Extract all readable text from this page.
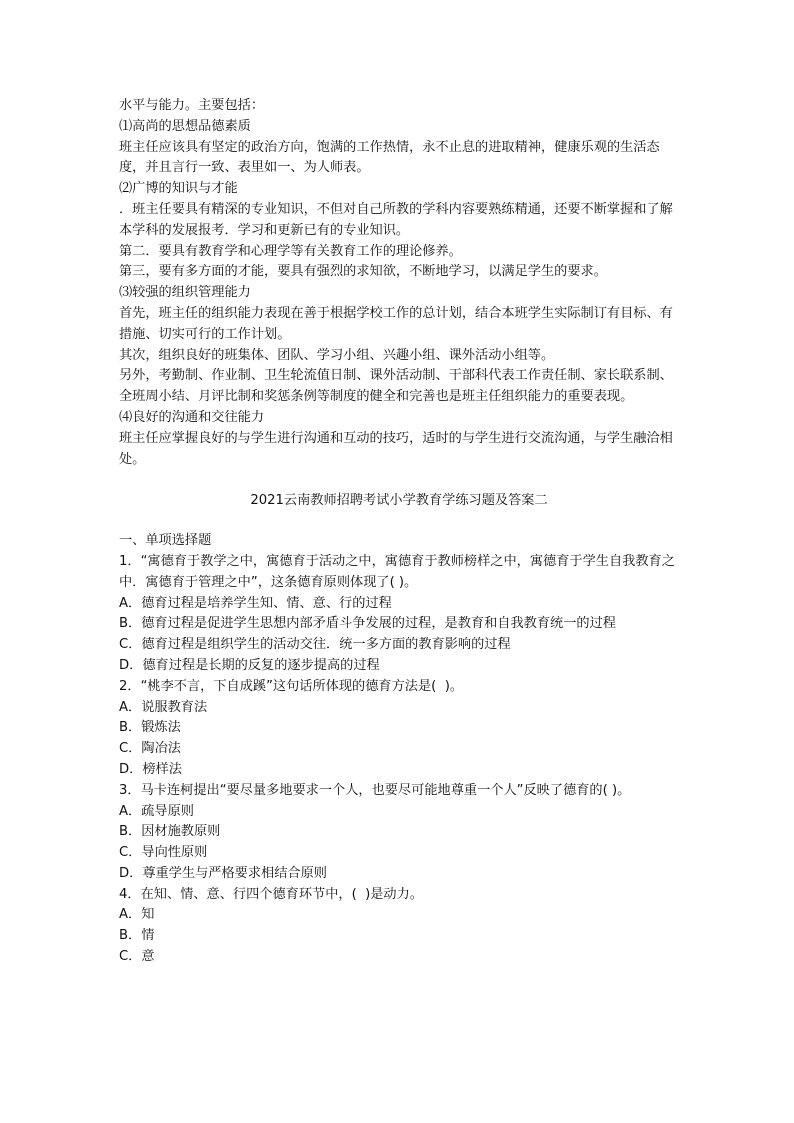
水平与能力。主要包括：
⑴高尚的思想品德素质
班主任应该具有坚定的政治方向，饱满的工作热情，永不止息的进取精神，健康乐观的生活态度，并且言行一致、表里如一、为人师表。
⑵广博的知识与才能
．班主任要具有精深的专业知识，不但对自己所教的学科内容要熟练精通，还要不断掌握和了解本学科的发展报考．学习和更新已有的专业知识。
第二．要具有教育学和心理学等有关教育工作的理论修养。
第三，要有多方面的才能，要具有强烈的求知欲，不断地学习，以满足学生的要求。
⑶较强的组织管理能力
首先，班主任的组织能力表现在善于根据学校工作的总计划，结合本班学生实际制订有目标、有措施、切实可行的工作计划。
其次，组织良好的班集体、团队、学习小组、兴趣小组、课外活动小组等。
另外，考勤制、作业制、卫生轮流值日制、课外活动制、干部科代表工作责任制、家长联系制、全班周小结、月评比制和奖惩条例等制度的健全和完善也是班主任组织能力的重要表现。
⑷良好的沟通和交往能力
班主任应掌握良好的与学生进行沟通和互动的技巧，适时的与学生进行交流沟通，与学生融洽相处。
2021云南教师招聘考试小学教育学练习题及答案二
一、单项选择题
1．“寓德育于教学之中，寓德育于活动之中，寓德育于教师榜样之中，寓德育于学生自我教育之中．寓德育于管理之中”，这条德育原则体现了( )。
A．德育过程是培养学生知、情、意、行的过程
B．德育过程是促进学生思想内部矛盾斗争发展的过程，是教育和自我教育统一的过程
C．德育过程是组织学生的活动交往．统一多方面的教育影响的过程
D．德育过程是长期的反复的逐步提高的过程
2．“桃李不言，下自成蹊”这句话所体现的德育方法是(  )。
A．说服教育法
B．锻炼法
C．陶冶法
D．榜样法
3．马卡连柯提出“要尽量多地要求一个人，也要尽可能地尊重一个人”反映了德育的( )。
A．疏导原则
B．因材施教原则
C．导向性原则
D．尊重学生与严格要求相结合原则
4．在知、情、意、行四个德育环节中，(  )是动力。
A．知
B．情
C．意
